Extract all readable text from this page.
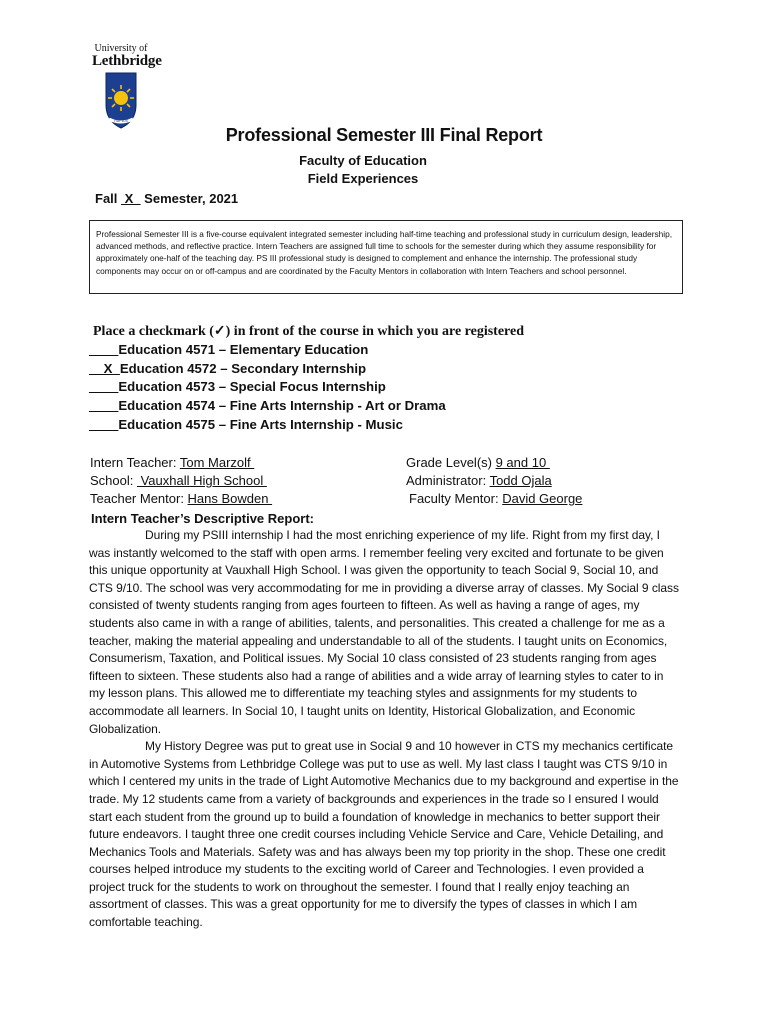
University of
Lethbridge
FIAT LUX
Professional Semester III Final Report
Faculty of Education
Field Experiences
Fall  X   Semester, 2021
Professional Semester III is a five-course equivalent integrated semester including half-time teaching and professional study in curriculum design, leadership, advanced methods, and reflective practice. Intern Teachers are assigned full time to schools for the semester during which they assume responsibility for approximately one-half of the teaching day. PS III professional study is designed to complement and enhance the internship. The professional study components may occur on or off-campus and are coordinated by the Faculty Mentors in collaboration with Intern Teachers and school personnel.
Place a checkmark (✓) in front of the course in which you are registered
____Education 4571 – Elementary Education
__X_Education 4572 – Secondary Internship
____Education 4573 – Special Focus Internship
____Education 4574 – Fine Arts Internship - Art or Drama
____Education 4575 – Fine Arts Internship - Music
Intern Teacher: Tom Marzolf	Grade Level(s) 9 and 10
School:  Vauxhall High School	Administrator: Todd Ojala
Teacher Mentor: Hans Bowden	Faculty Mentor: David George
Intern Teacher’s Descriptive Report:

During my PSIII internship I had the most enriching experience of my life. Right from my first day, I was instantly welcomed to the staff with open arms. I remember feeling very excited and fortunate to be given this unique opportunity at Vauxhall High School. I was given the opportunity to teach Social 9, Social 10, and CTS 9/10. The school was very accommodating for me in providing a diverse array of classes. My Social 9 class consisted of twenty students ranging from ages fourteen to fifteen. As well as having a range of ages, my students also came in with a range of abilities, talents, and personalities. This created a challenge for me as a teacher, making the material appealing and understandable to all of the students. I taught units on Economics, Consumerism, Taxation, and Political issues. My Social 10 class consisted of 23 students ranging from ages fifteen to sixteen. These students also had a range of abilities and a wide array of learning styles to cater to in my lesson plans. This allowed me to differentiate my teaching styles and assignments for my students to accommodate all learners. In Social 10, I taught units on Identity, Historical Globalization, and Economic Globalization.

My History Degree was put to great use in Social 9 and 10 however in CTS my mechanics certificate in Automotive Systems from Lethbridge College was put to use as well. My last class I taught was CTS 9/10 in which I centered my units in the trade of Light Automotive Mechanics due to my background and expertise in the trade. My 12 students came from a variety of backgrounds and experiences in the trade so I ensured I would start each student from the ground up to build a foundation of knowledge in mechanics to better support their future endeavors. I taught three one credit courses including Vehicle Service and Care, Vehicle Detailing, and Mechanics Tools and Materials. Safety was and has always been my top priority in the shop. These one credit courses helped introduce my students to the exciting world of Career and Technologies. I even provided a project truck for the students to work on throughout the semester. I found that I really enjoy teaching an assortment of classes. This was a great opportunity for me to diversify the types of classes in which I am comfortable teaching.
